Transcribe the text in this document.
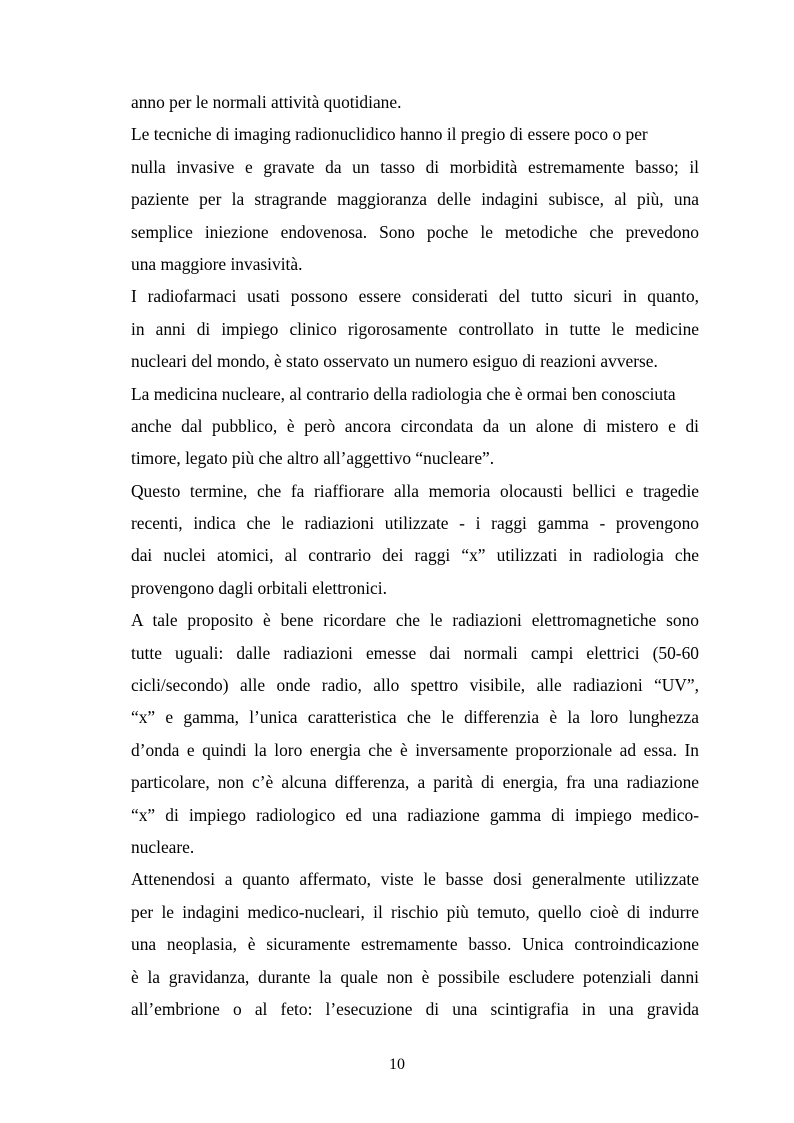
anno per le normali attività quotidiane.
Le tecniche di imaging radionuclidico hanno il pregio di essere poco o per
nulla invasive e gravate da un tasso di morbidità estremamente basso; il
paziente per la stragrande maggioranza delle indagini subisce, al più, una
semplice iniezione endovenosa. Sono poche le metodiche che prevedono
una maggiore invasività.
I radiofarmaci usati possono essere considerati del tutto sicuri in quanto,
in anni di impiego clinico rigorosamente controllato in tutte le medicine
nucleari del mondo, è stato osservato un numero esiguo di reazioni avverse.
La medicina nucleare, al contrario della radiologia che è ormai ben conosciuta
anche dal pubblico, è però ancora circondata da un alone di mistero e di
timore, legato più che altro all’aggettivo “nucleare”.
Questo termine, che fa riaffiorare alla memoria olocausti bellici e tragedie
recenti, indica che le radiazioni utilizzate - i raggi gamma - provengono
dai nuclei atomici, al contrario dei raggi “x” utilizzati in radiologia che
provengono dagli orbitali elettronici.
A tale proposito è bene ricordare che le radiazioni elettromagnetiche sono
tutte uguali: dalle radiazioni emesse dai normali campi elettrici (50-60
cicli/secondo) alle onde radio, allo spettro visibile, alle radiazioni “UV”,
“x” e gamma, l’unica caratteristica che le differenzia è la loro lunghezza
d’onda e quindi la loro energia che è inversamente proporzionale ad essa. In
particolare, non c’è alcuna differenza, a parità di energia, fra una radiazione
“x” di impiego radiologico ed una radiazione gamma di impiego medico-
nucleare.
Attenendosi a quanto affermato, viste le basse dosi generalmente utilizzate
per le indagini medico-nucleari, il rischio più temuto, quello cioè di indurre
una neoplasia, è sicuramente estremamente basso. Unica controindicazione
è la gravidanza, durante la quale non è possibile escludere potenziali danni
all’embrione o al feto: l’esecuzione di una scintigrafia in una gravida
10
